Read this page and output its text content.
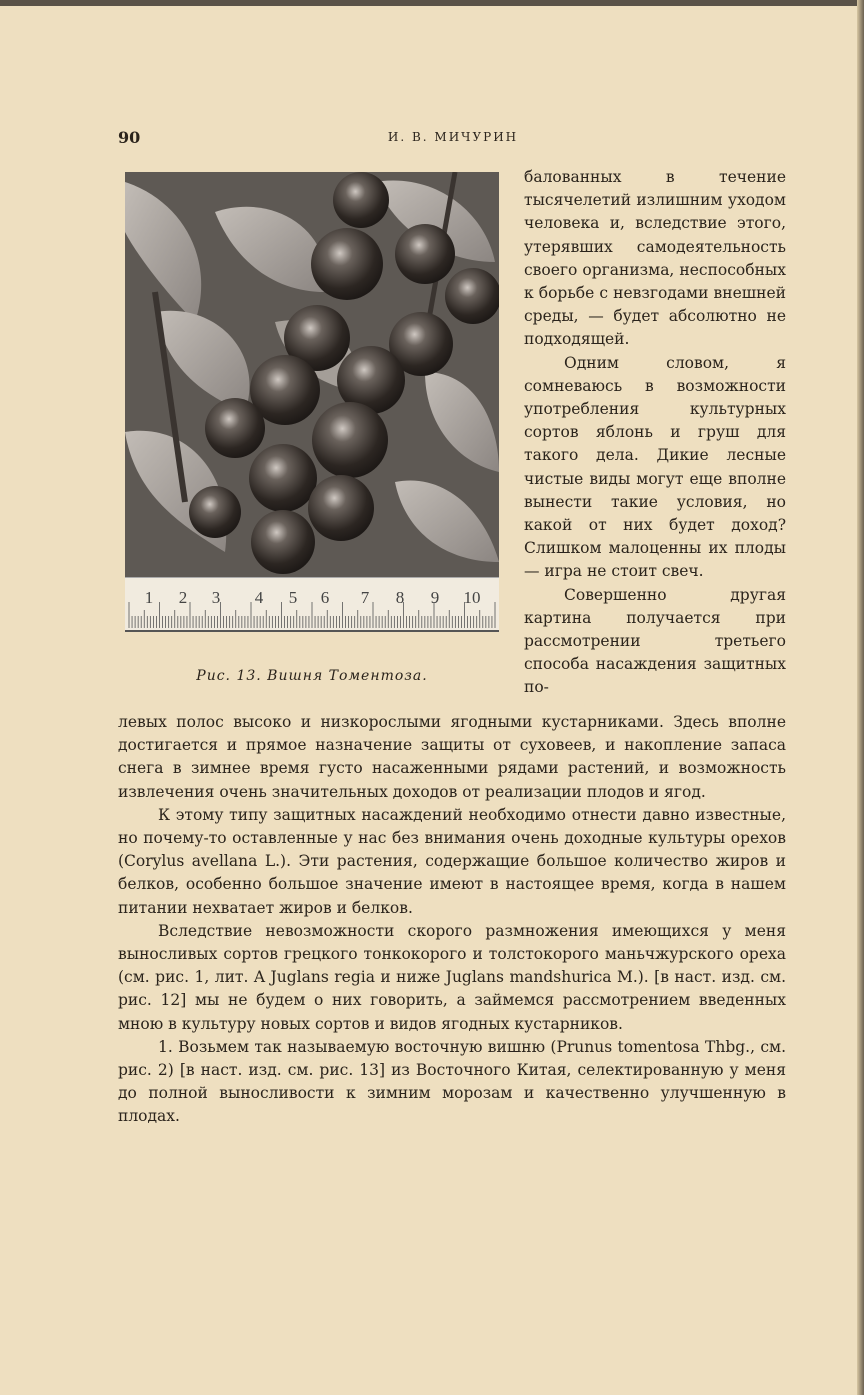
90	И. В. МИЧУРИН
1 2 3 4 5 6 7 8 9 10
Рис. 13. Вишня Томентоза.

балованных в течение тысячелетий излишним уходом человека и, вследствие этого, утерявших самодеятельность своего организма, неспособных к борьбе с невзгодами внешней среды, — будет абсолютно не подходящей.

Одним словом, я сомневаюсь в возможности употребления культурных сортов яблонь и груш для такого дела. Дикие лесные чистые виды могут еще вполне вынести такие условия, но какой от них будет доход? Слишком малоценны их плоды — игра не стоит свеч.

Совершенно другая картина получается при рассмотрении третьего способа насаждения защитных по-

левых полос высоко и низкорослыми ягодными кустарниками. Здесь вполне достигается и прямое назначение защиты от суховеев, и накопление запаса снега в зимнее время густо насаженными рядами растений, и возможность извлечения очень значительных доходов от реализации плодов и ягод.

К этому типу защитных насаждений необходимо отнести давно известные, но почему-то оставленные у нас без внимания очень доходные культуры орехов (Corylus avellana L.). Эти растения, содержащие большое количество жиров и белков, особенно большое значение имеют в настоящее время, когда в нашем питании нехватает жиров и белков.

Вследствие невозможности скорого размножения имеющихся у меня выносливых сортов грецкого тонкокорого и толстокорого маньчжурского ореха (см. рис. 1, лит. A Juglans regia и ниже Juglans mandshurica M.). [в наст. изд. см. рис. 12] мы не будем о них говорить, а займемся рассмотрением введенных мною в культуру новых сортов и видов ягодных кустарников.

1. Возьмем так называемую восточную вишню (Prunus tomentosa Thbg., см. рис. 2) [в наст. изд. см. рис. 13] из Восточного Китая, селектированную у меня до полной выносливости к зимним морозам и качественно улучшенную в плодах.
